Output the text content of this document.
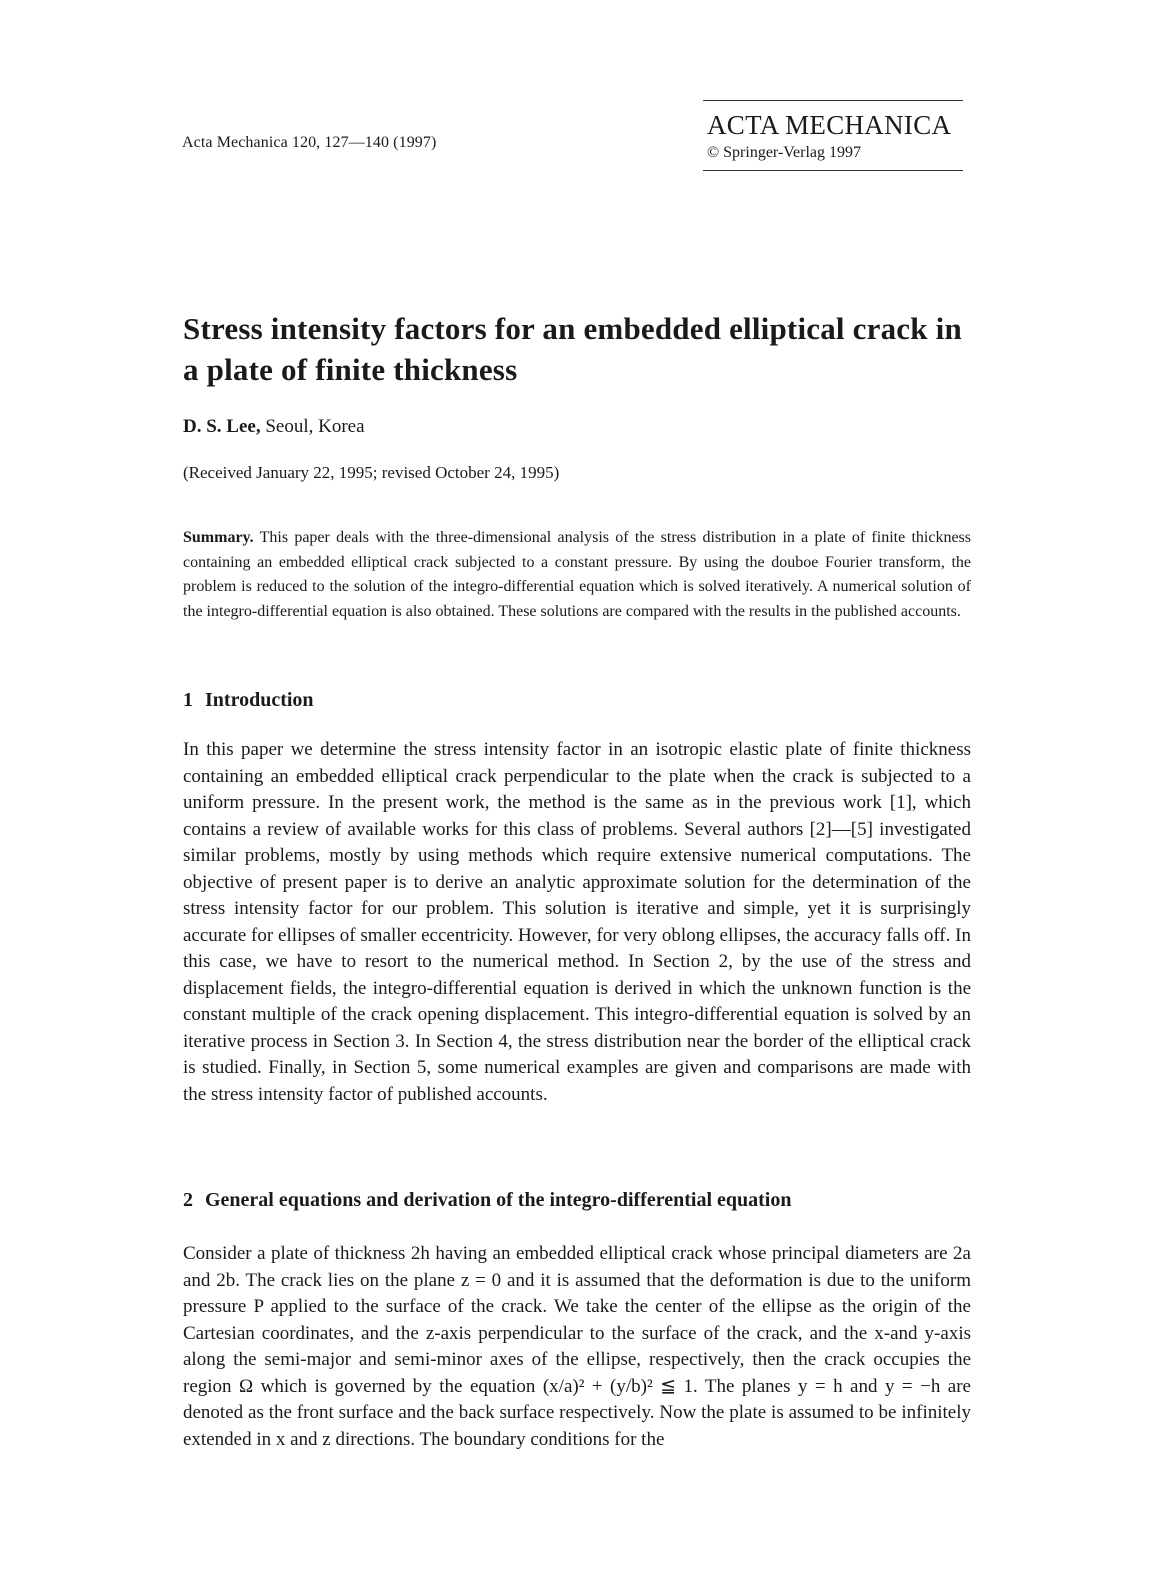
Acta Mechanica 120, 127—140 (1997)
ACTA MECHANICA
© Springer-Verlag 1997
Stress intensity factors for an embedded elliptical crack in a plate of finite thickness
D. S. Lee, Seoul, Korea
(Received January 22, 1995; revised October 24, 1995)
Summary. This paper deals with the three-dimensional analysis of the stress distribution in a plate of finite thickness containing an embedded elliptical crack subjected to a constant pressure. By using the douboe Fourier transform, the problem is reduced to the solution of the integro-differential equation which is solved iteratively. A numerical solution of the integro-differential equation is also obtained. These solutions are compared with the results in the published accounts.
1 Introduction

In this paper we determine the stress intensity factor in an isotropic elastic plate of finite thickness containing an embedded elliptical crack perpendicular to the plate when the crack is subjected to a uniform pressure. In the present work, the method is the same as in the previous work [1], which contains a review of available works for this class of problems. Several authors [2]—[5] investigated similar problems, mostly by using methods which require extensive numerical computations. The objective of present paper is to derive an analytic approximate solution for the determination of the stress intensity factor for our problem. This solution is iterative and simple, yet it is surprisingly accurate for ellipses of smaller eccentricity. However, for very oblong ellipses, the accuracy falls off. In this case, we have to resort to the numerical method. In Section 2, by the use of the stress and displacement fields, the integro-differential equation is derived in which the unknown function is the constant multiple of the crack opening displacement. This integro-differential equation is solved by an iterative process in Section 3. In Section 4, the stress distribution near the border of the elliptical crack is studied. Finally, in Section 5, some numerical examples are given and comparisons are made with the stress intensity factor of published accounts.

2 General equations and derivation of the integro-differential equation

Consider a plate of thickness 2h having an embedded elliptical crack whose principal diameters are 2a and 2b. The crack lies on the plane z = 0 and it is assumed that the deformation is due to the uniform pressure P applied to the surface of the crack. We take the center of the ellipse as the origin of the Cartesian coordinates, and the z-axis perpendicular to the surface of the crack, and the x-and y-axis along the semi-major and semi-minor axes of the ellipse, respectively, then the crack occupies the region Ω which is governed by the equation (x/a)² + (y/b)² ≦ 1. The planes y = h and y = −h are denoted as the front surface and the back surface respectively. Now the plate is assumed to be infinitely extended in x and z directions. The boundary conditions for the
